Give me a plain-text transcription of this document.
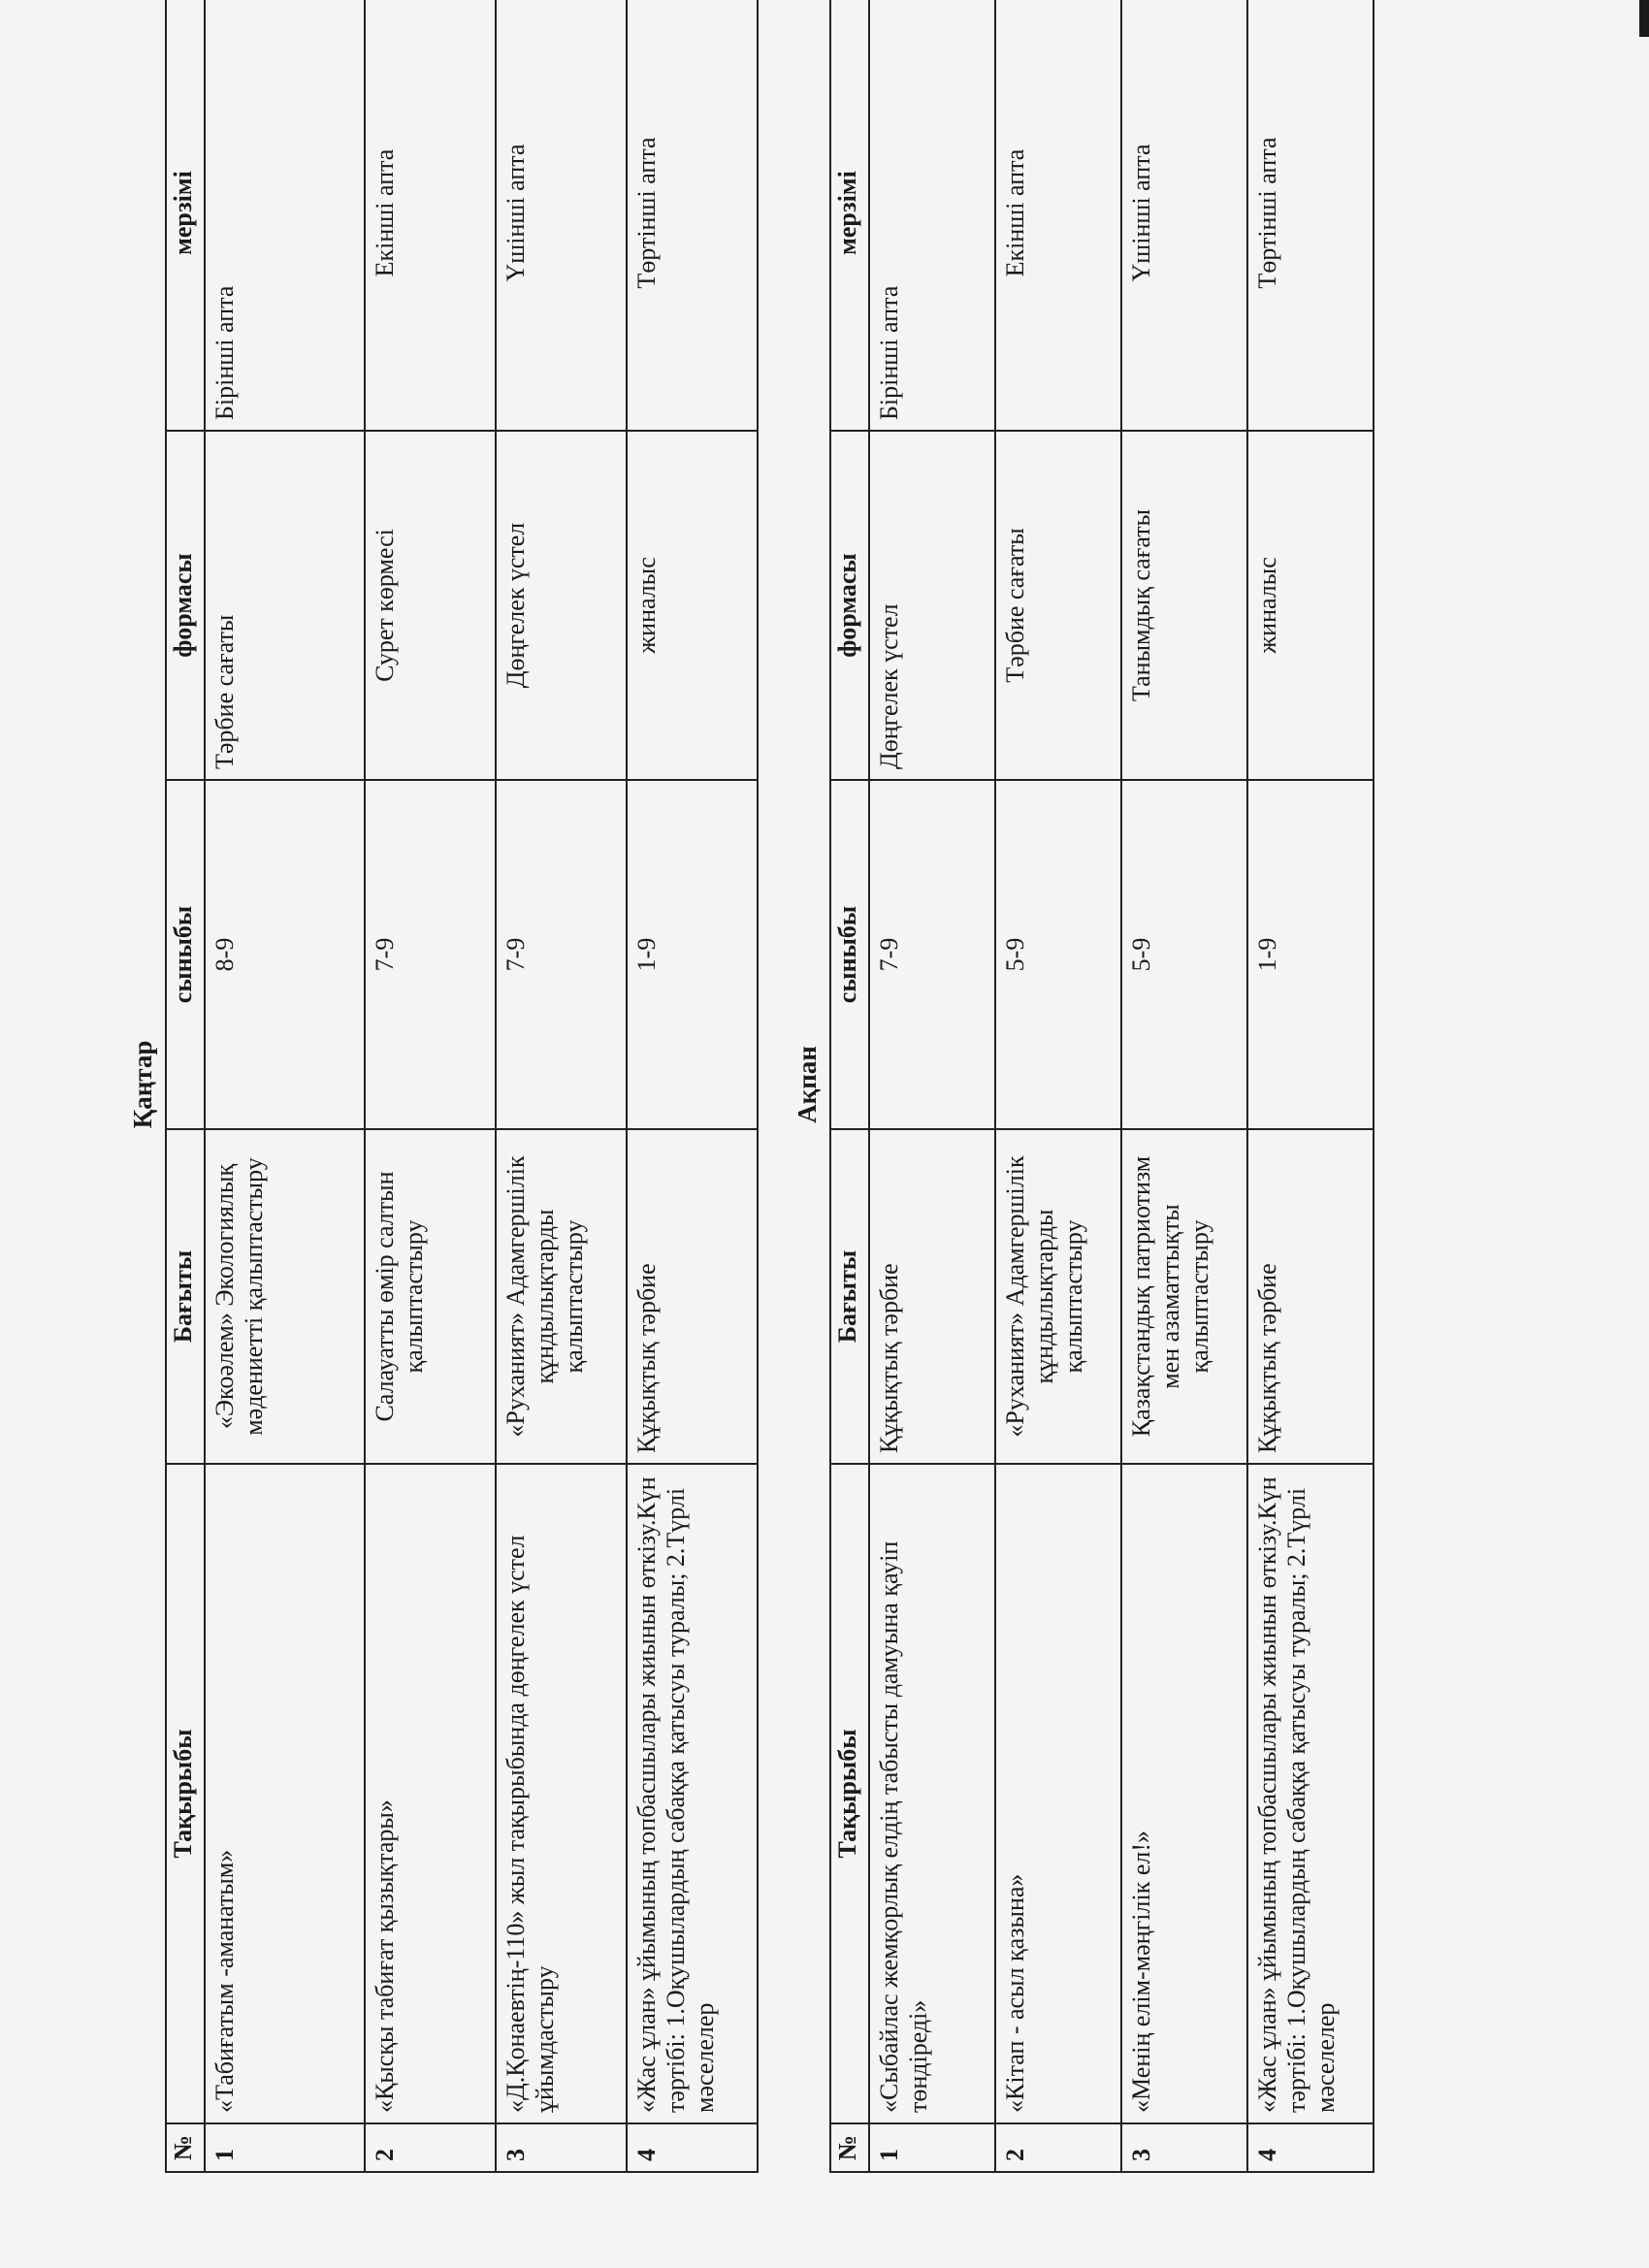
Қаңтар
№	Тақырыбы	Бағыты	сыныбы	формасы	мерзімі
1	«Табиғатым -аманатым»	«Экоәлем» Экологиялық мәдениетті қалыптастыру	8-9	Тәрбие сағаты	Бірінші апта
2	«Қысқы табиғат қызықтары»	Салауатты өмір салтын қалыптастыру	7-9	Сурет көрмесі	Екінші апта
3	«Д.Қонаевтің-110» жыл тақырыбында дөңгелек үстел ұйымдастыру	«Руханият» Адамгершілік құндылықтарды қалыптастыру	7-9	Дөңгелек үстел	Үшінші апта
4	«Жас ұлан» ұйымының топбасшылары жиынын өткізу.Күн тәртібі: 1.Оқушылардың сабаққа қатысуы туралы; 2.Түрлі мәселелер	Құқықтық тәрбие	1-9	жиналыс	Төртінші апта
Ақпан
№	Тақырыбы	Бағыты	сыныбы	формасы	мерзімі
1	«Сыбайлас жемқорлық елдің табысты дамуына қауіп төндіреді»	Құқықтық тәрбие	7-9	Дөңгелек үстел	Бірінші апта
2	«Кітап - асыл қазына»	«Руханият» Адамгершілік құндылықтарды қалыптастыру	5-9	Тәрбие сағаты	Екінші апта
3	«Менің елім-мәңгілік ел!»	Қазақстандық патриотизм мен азаматтықты қалыптастыру	5-9	Танымдық сағаты	Үшінші апта
4	«Жас ұлан» ұйымының топбасшылары жиынын өткізу.Күн тәртібі: 1.Оқушылардың сабаққа қатысуы туралы; 2.Түрлі мәселелер	Құқықтық тәрбие	1-9	жиналыс	Төртінші апта
